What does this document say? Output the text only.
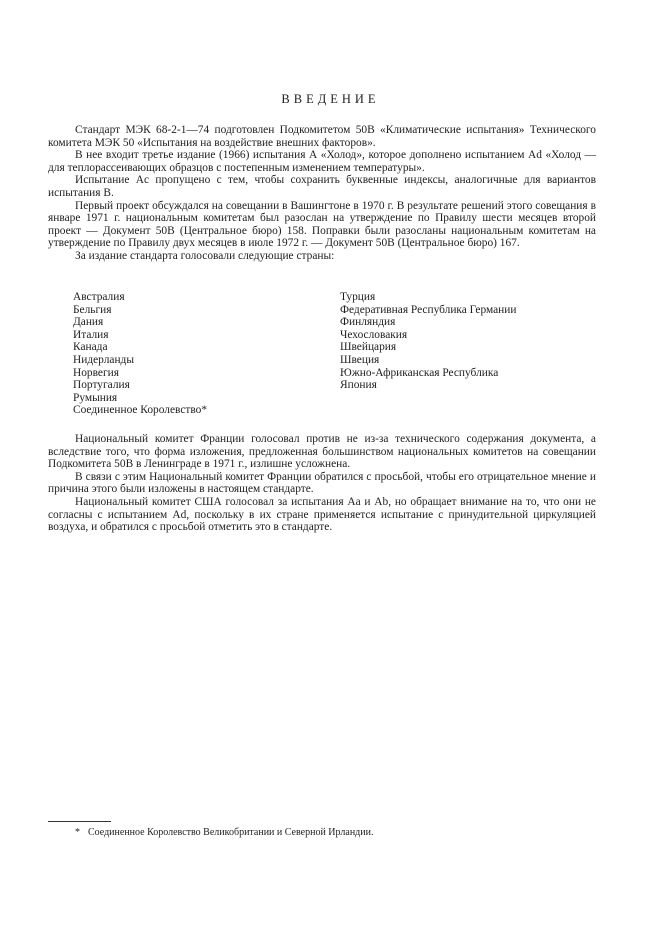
ВВЕДЕНИЕ

Стандарт МЭК 68-2-1—74 подготовлен Подкомитетом 50В «Климатические испытания» Технического комитета МЭК 50 «Испытания на воздействие внешних факторов».

В нее входит третье издание (1966) испытания А «Холод», которое дополнено испытанием Ad «Холод — для теплорассеивающих образцов с постепенным изменением температуры».

Испытание Ac пропущено с тем, чтобы сохранить буквенные индексы, аналогичные для вариантов испытания B.

Первый проект обсуждался на совещании в Вашингтоне в 1970 г. В результате решений этого совещания в январе 1971 г. национальным комитетам был разослан на утверждение по Правилу шести месяцев второй проект — Документ 50В (Центральное бюро) 158. Поправки были разосланы национальным комитетам на утверждение по Правилу двух месяцев в июле 1972 г. — Документ 50В (Центральное бюро) 167.

За издание стандарта голосовали следующие страны:

Австралия
Бельгия
Дания
Италия
Канада
Нидерланды
Норвегия
Португалия
Румыния
Соединенное Королевство*
Турция
Федеративная Республика Германии
Финляндия
Чехословакия
Швейцария
Швеция
Южно-Африканская Республика
Япония

Национальный комитет Франции голосовал против не из-за технического содержания документа, а вследствие того, что форма изложения, предложенная большинством национальных комитетов на совещании Подкомитета 50В в Ленинграде в 1971 г., излишне усложнена.

В связи с этим Национальный комитет Франции обратился с просьбой, чтобы его отрицательное мнение и причина этого были изложены в настоящем стандарте.

Национальный комитет США голосовал за испытания Aa и Ab, но обращает внимание на то, что они не согласны с испытанием Ad, поскольку в их стране применяется испытание с принудительной циркуляцией воздуха, и обратился с просьбой отметить это в стандарте.

* Соединенное Королевство Великобритании и Северной Ирландии.
